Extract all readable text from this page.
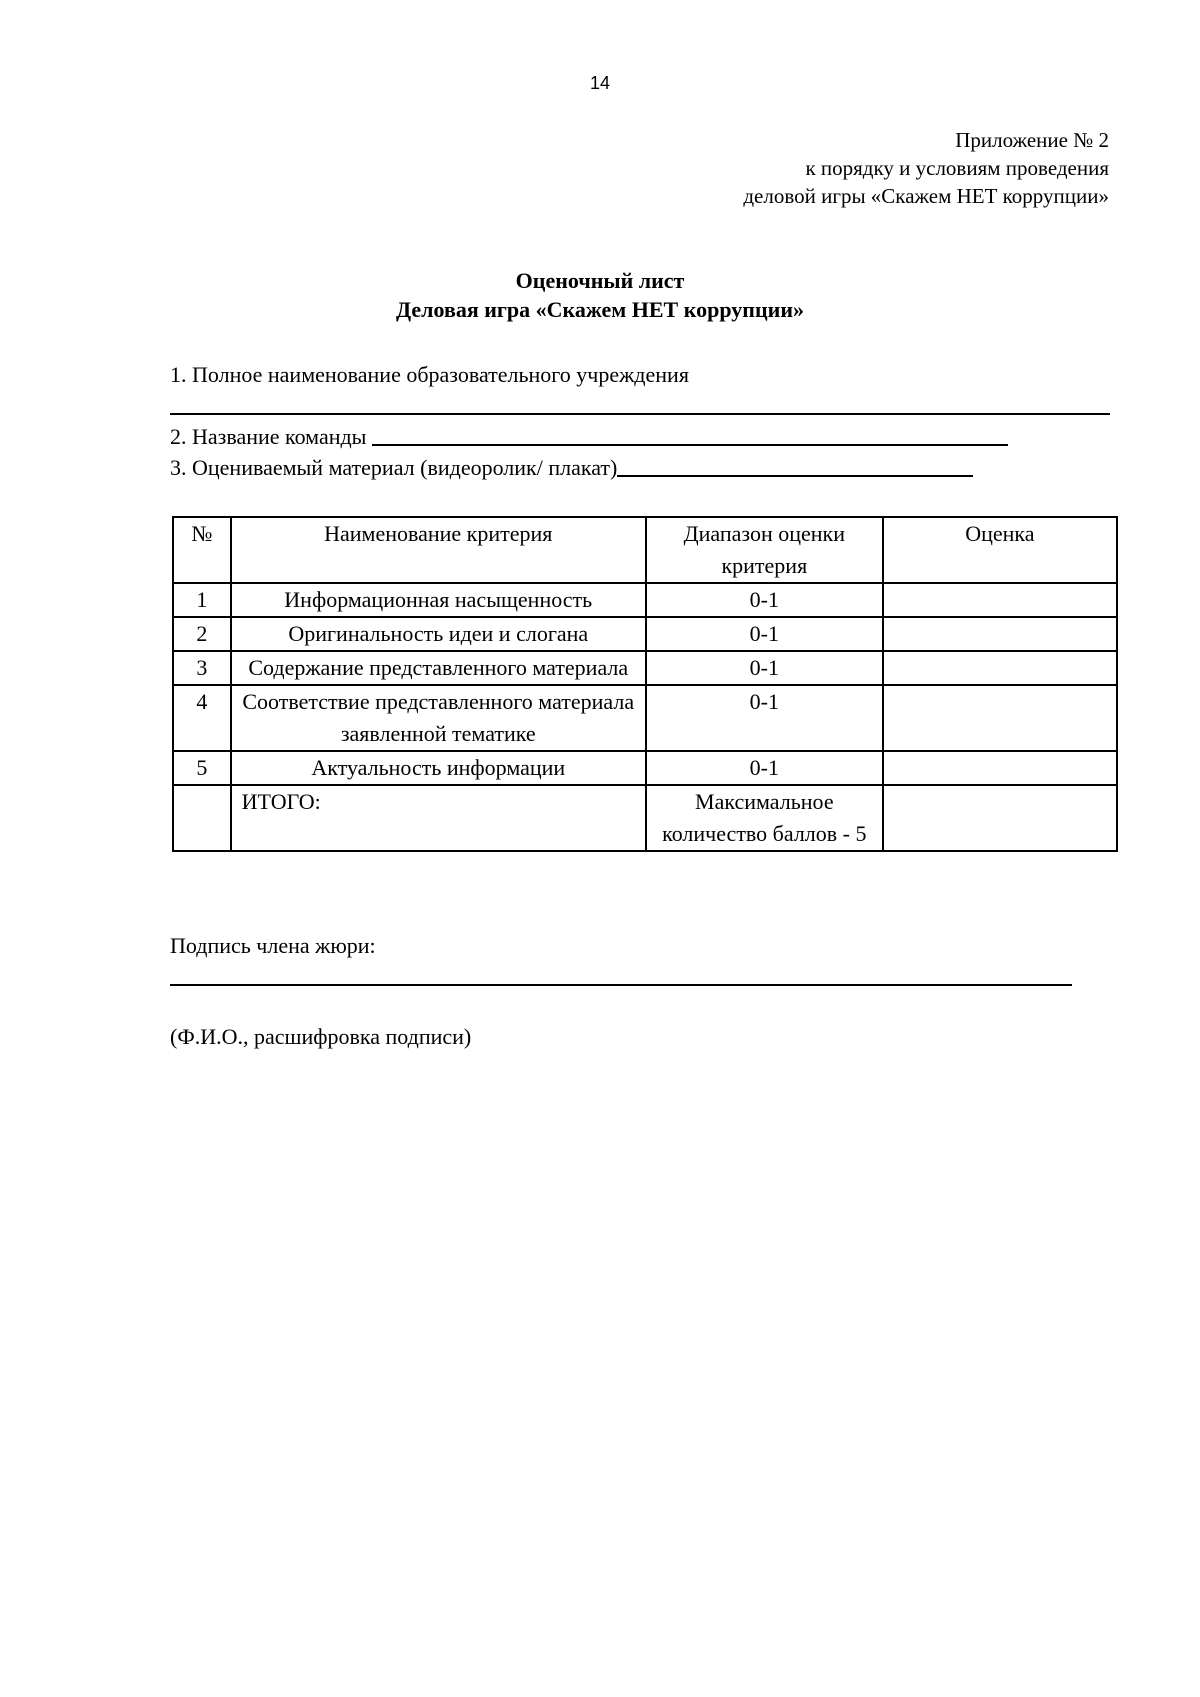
14
Приложение № 2
к порядку и условиям проведения
деловой игры «Скажем НЕТ коррупции»
Оценочный лист
Деловая игра «Скажем НЕТ коррупции»
1. Полное наименование образовательного учреждения
2. Название команды
3. Оцениваемый материал (видеоролик/ плакат)
№	Наименование критерия	Диапазон оценки критерия	Оценка
1	Информационная насыщенность	0-1	
2	Оригинальность идеи и слогана	0-1	
3	Содержание представленного материала	0-1	
4	Соответствие представленного материала заявленной тематике	0-1	
5	Актуальность информации	0-1	
	ИТОГО:	Максимальное количество баллов - 5	
Подпись члена жюри:
(Ф.И.О., расшифровка подписи)
